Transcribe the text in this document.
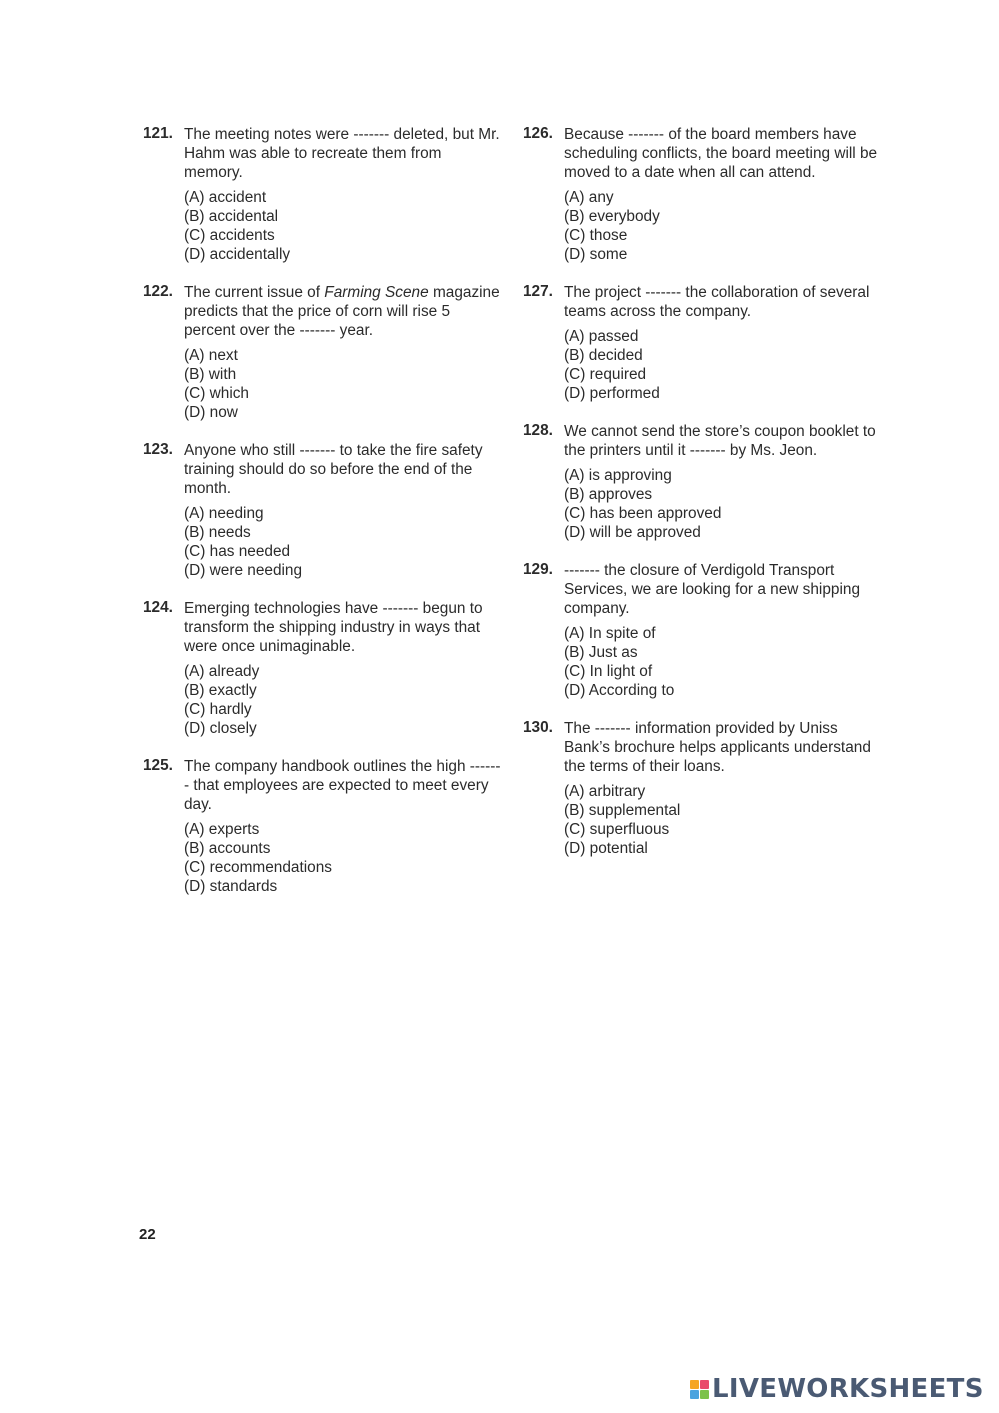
121. The meeting notes were ------- deleted, but Mr. Hahm was able to recreate them from memory.

(A) accident
(B) accidental
(C) accidents
(D) accidentally
122. The current issue of Farming Scene magazine predicts that the price of corn will rise 5 percent over the ------- year.

(A) next
(B) with
(C) which
(D) now
123. Anyone who still ------- to take the fire safety training should do so before the end of the month.

(A) needing
(B) needs
(C) has needed
(D) were needing
124. Emerging technologies have ------- begun to transform the shipping industry in ways that were once unimaginable.

(A) already
(B) exactly
(C) hardly
(D) closely
125. The company handbook outlines the high ------- that employees are expected to meet every day.

(A) experts
(B) accounts
(C) recommendations
(D) standards
126. Because ------- of the board members have scheduling conflicts, the board meeting will be moved to a date when all can attend.

(A) any
(B) everybody
(C) those
(D) some
127. The project ------- the collaboration of several teams across the company.

(A) passed
(B) decided
(C) required
(D) performed
128. We cannot send the store’s coupon booklet to the printers until it ------- by Ms. Jeon.

(A) is approving
(B) approves
(C) has been approved
(D) will be approved
129. ------- the closure of Verdigold Transport Services, we are looking for a new shipping company.

(A) In spite of
(B) Just as
(C) In light of
(D) According to
130. The ------- information provided by Uniss Bank’s brochure helps applicants understand the terms of their loans.

(A) arbitrary
(B) supplemental
(C) superfluous
(D) potential
22
LIVEWORKSHEETS
